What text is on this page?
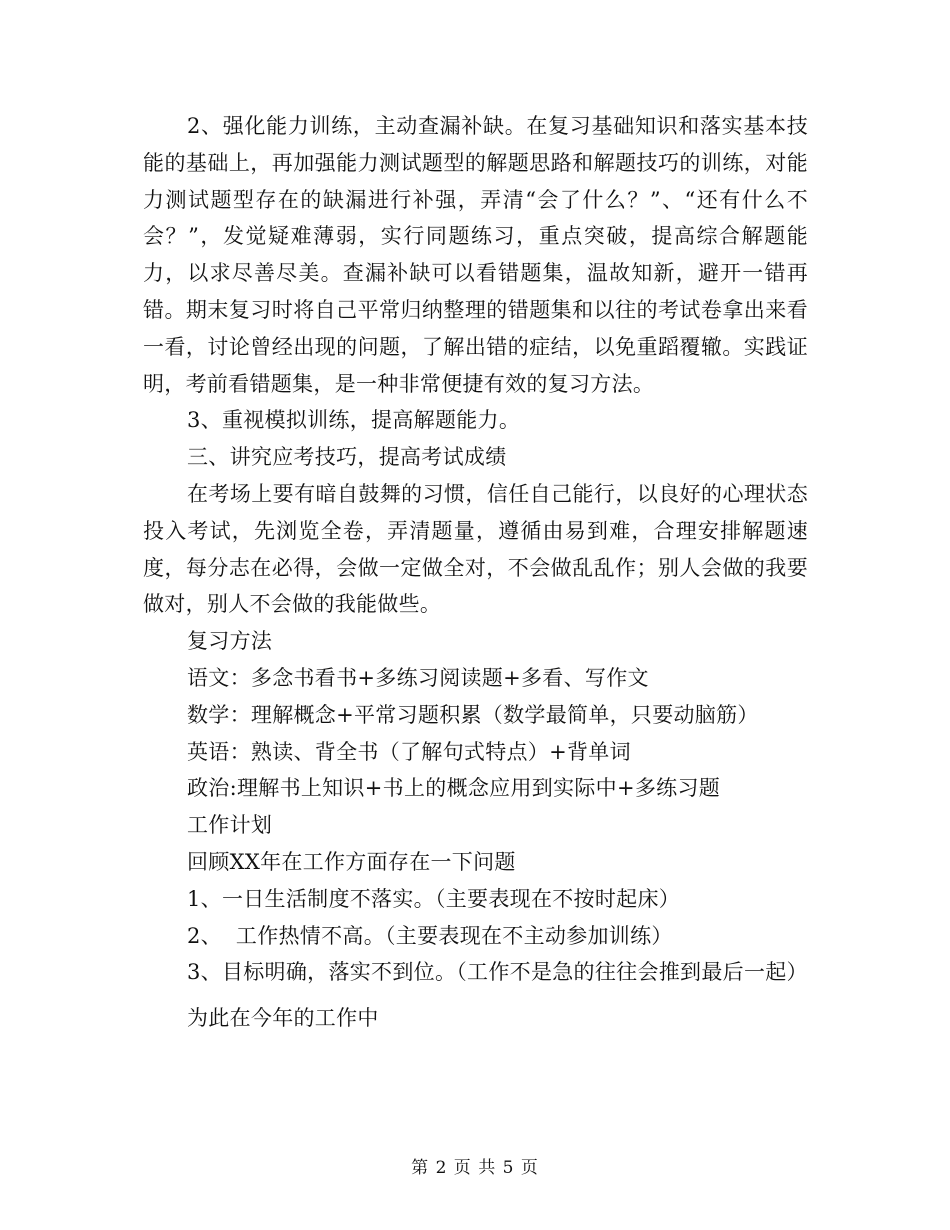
2、强化能力训练，主动查漏补缺。在复习基础知识和落实基本技能的基础上，再加强能力测试题型的解题思路和解题技巧的训练，对能力测试题型存在的缺漏进行补强，弄清“会了什么？”、“还有什么不会？”，发觉疑难薄弱，实行同题练习，重点突破，提高综合解题能力，以求尽善尽美。查漏补缺可以看错题集，温故知新，避开一错再错。期末复习时将自己平常归纳整理的错题集和以往的考试卷拿出来看一看，讨论曾经出现的问题，了解出错的症结，以免重蹈覆辙。实践证明，考前看错题集，是一种非常便捷有效的复习方法。

3、重视模拟训练，提高解题能力。

三、讲究应考技巧，提高考试成绩

在考场上要有暗自鼓舞的习惯，信任自己能行，以良好的心理状态投入考试，先浏览全卷，弄清题量，遵循由易到难，合理安排解题速度，每分志在必得，会做一定做全对，不会做乱乱作；别人会做的我要做对，别人不会做的我能做些。

复习方法

语文：多念书看书+多练习阅读题+多看、写作文

数学：理解概念+平常习题积累（数学最简单，只要动脑筋）

英语：熟读、背全书（了解句式特点）+背单词

政治:理解书上知识+书上的概念应用到实际中+多练习题

工作计划

回顾XX年在工作方面存在一下问题

1、一日生活制度不落实。（主要表现在不按时起床）

2、  工作热情不高。（主要表现在不主动参加训练）

3、目标明确，落实不到位。（工作不是急的往往会推到最后一起）

为此在今年的工作中

第 2 页 共 5 页
